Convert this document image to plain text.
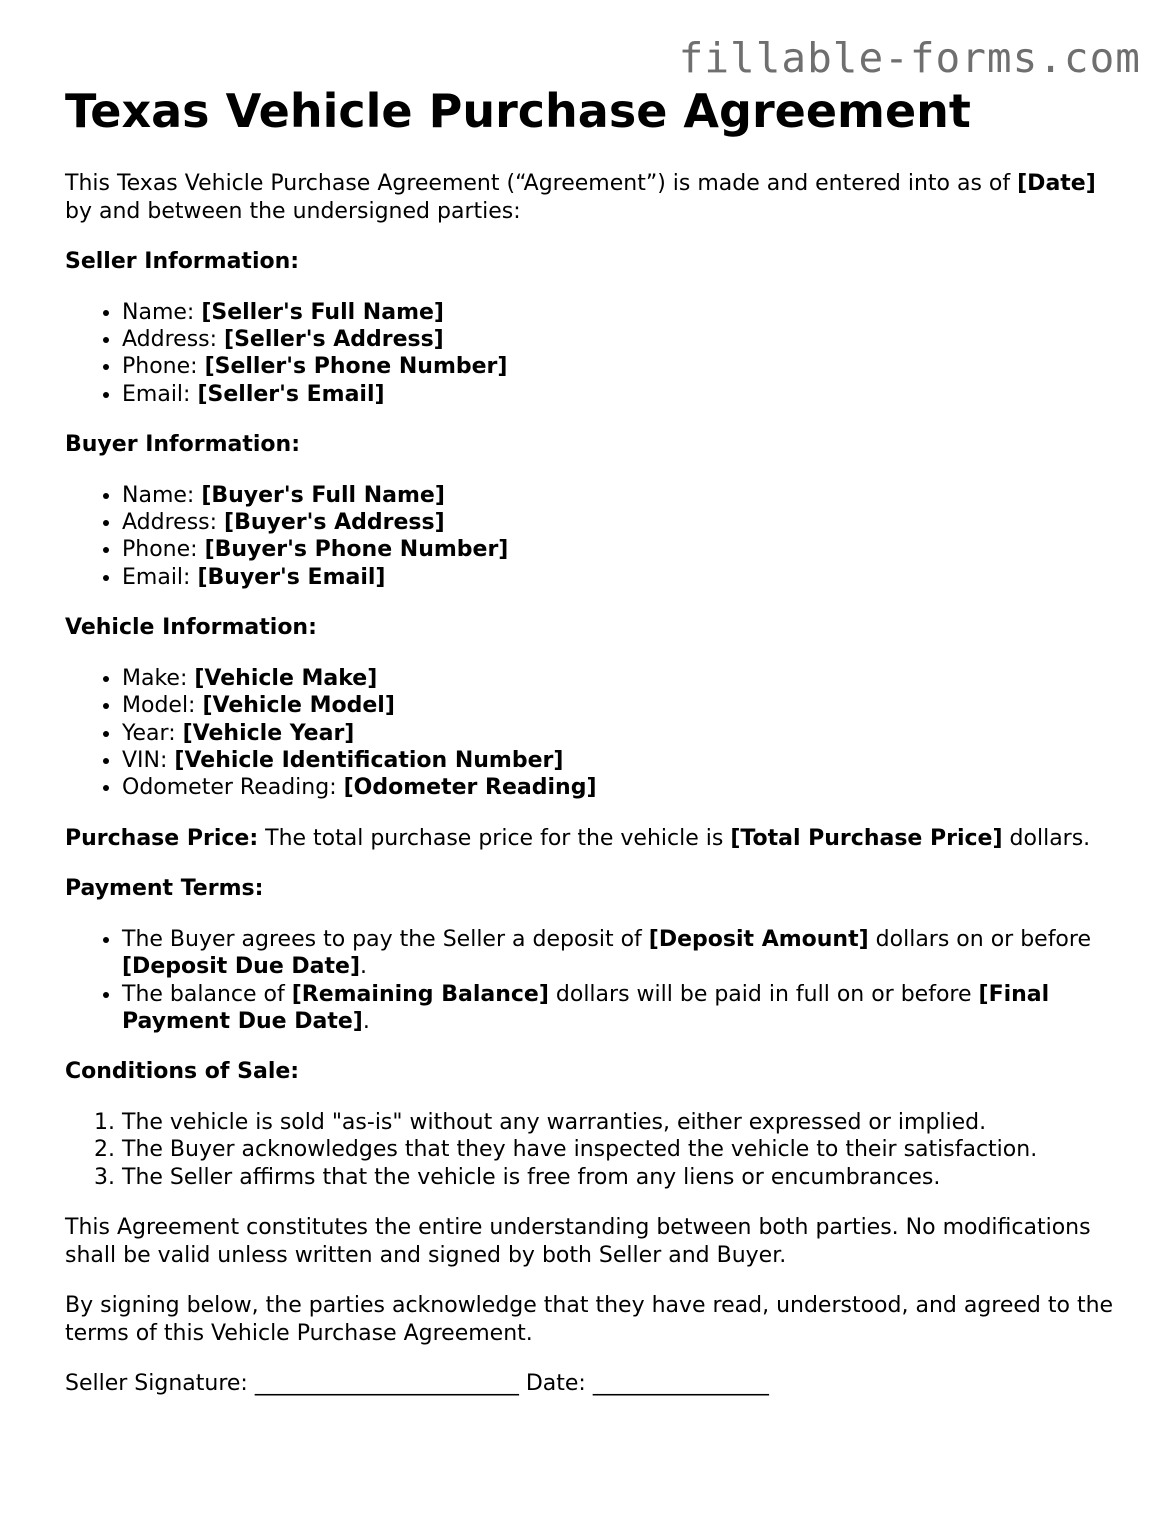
fillable-forms.com
Texas Vehicle Purchase Agreement

This Texas Vehicle Purchase Agreement (“Agreement”) is made and entered into as of [Date] by and between the undersigned parties:

Seller Information:

• Name: [Seller's Full Name]
• Address: [Seller's Address]
• Phone: [Seller's Phone Number]
• Email: [Seller's Email]

Buyer Information:

• Name: [Buyer's Full Name]
• Address: [Buyer's Address]
• Phone: [Buyer's Phone Number]
• Email: [Buyer's Email]

Vehicle Information:

• Make: [Vehicle Make]
• Model: [Vehicle Model]
• Year: [Vehicle Year]
• VIN: [Vehicle Identification Number]
• Odometer Reading: [Odometer Reading]

Purchase Price: The total purchase price for the vehicle is [Total Purchase Price] dollars.

Payment Terms:

• The Buyer agrees to pay the Seller a deposit of [Deposit Amount] dollars on or before [Deposit Due Date].
• The balance of [Remaining Balance] dollars will be paid in full on or before [Final Payment Due Date].

Conditions of Sale:

1. The vehicle is sold "as-is" without any warranties, either expressed or implied.
2. The Buyer acknowledges that they have inspected the vehicle to their satisfaction.
3. The Seller affirms that the vehicle is free from any liens or encumbrances.

This Agreement constitutes the entire understanding between both parties. No modifications shall be valid unless written and signed by both Seller and Buyer.

By signing below, the parties acknowledge that they have read, understood, and agreed to the terms of this Vehicle Purchase Agreement.

Seller Signature: ________________________ Date: ________________
